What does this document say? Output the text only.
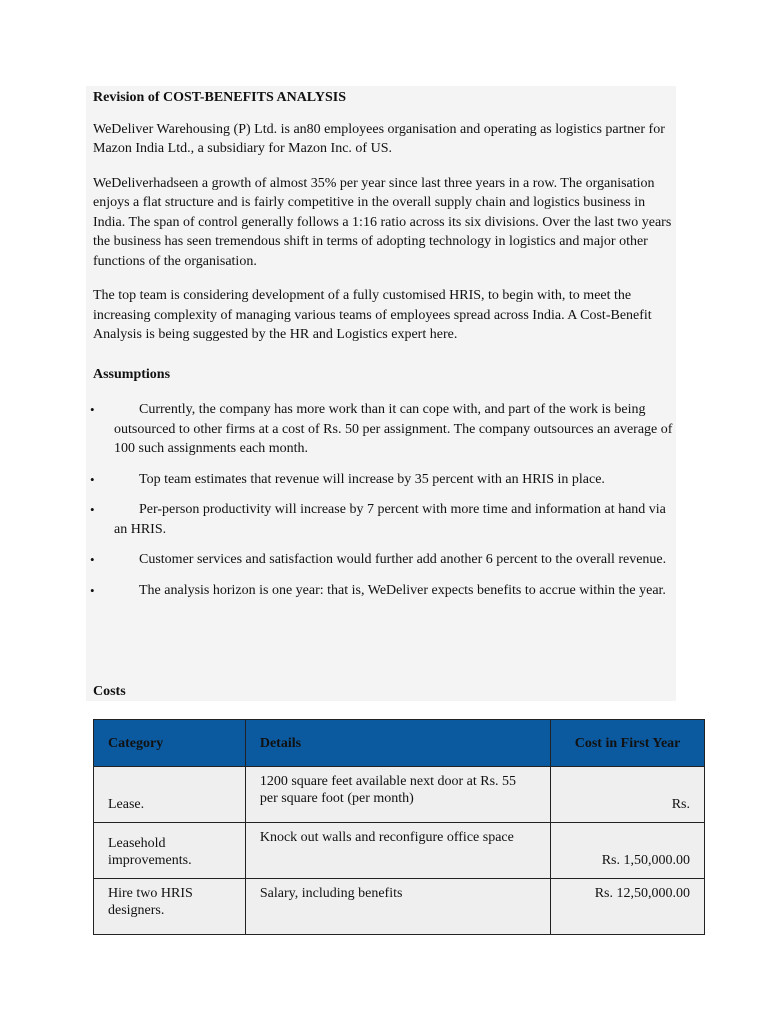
Revision of COST-BENEFITS ANALYSIS

WeDeliver Warehousing (P) Ltd. is an80 employees organisation and operating as logistics partner for Mazon India Ltd., a subsidiary for Mazon Inc. of US.

WeDeliverhadseen a growth of almost 35% per year since last three years in a row. The organisation enjoys a flat structure and is fairly competitive in the overall supply chain and logistics business in India. The span of control generally follows a 1:16 ratio across its six divisions. Over the last two years the business has seen tremendous shift in terms of adopting technology in logistics and major other functions of the organisation.

The top team is considering development of a fully customised HRIS, to begin with, to meet the increasing complexity of managing various teams of employees spread across India. A Cost-Benefit Analysis is being suggested by the HR and Logistics expert here.

Assumptions
•	Currently, the company has more work than it can cope with, and part of the work is being outsourced to other firms at a cost of Rs. 50 per assignment. The company outsources an average of 100 such assignments each month.
•	Top team estimates that revenue will increase by 35 percent with an HRIS in place.
•	Per-person productivity will increase by 7 percent with more time and information at hand via an HRIS.
•	Customer services and satisfaction would further add another 6 percent to the overall revenue.
•	The analysis horizon is one year: that is, WeDeliver expects benefits to accrue within the year.
Costs
Category	Details	Cost in First Year
Lease.	1200 square feet available next door at Rs. 55 per square foot (per month)	Rs.
Leasehold improvements.	Knock out walls and reconfigure office space	Rs. 1,50,000.00
Hire two HRIS designers.	Salary, including benefits	Rs. 12,50,000.00
